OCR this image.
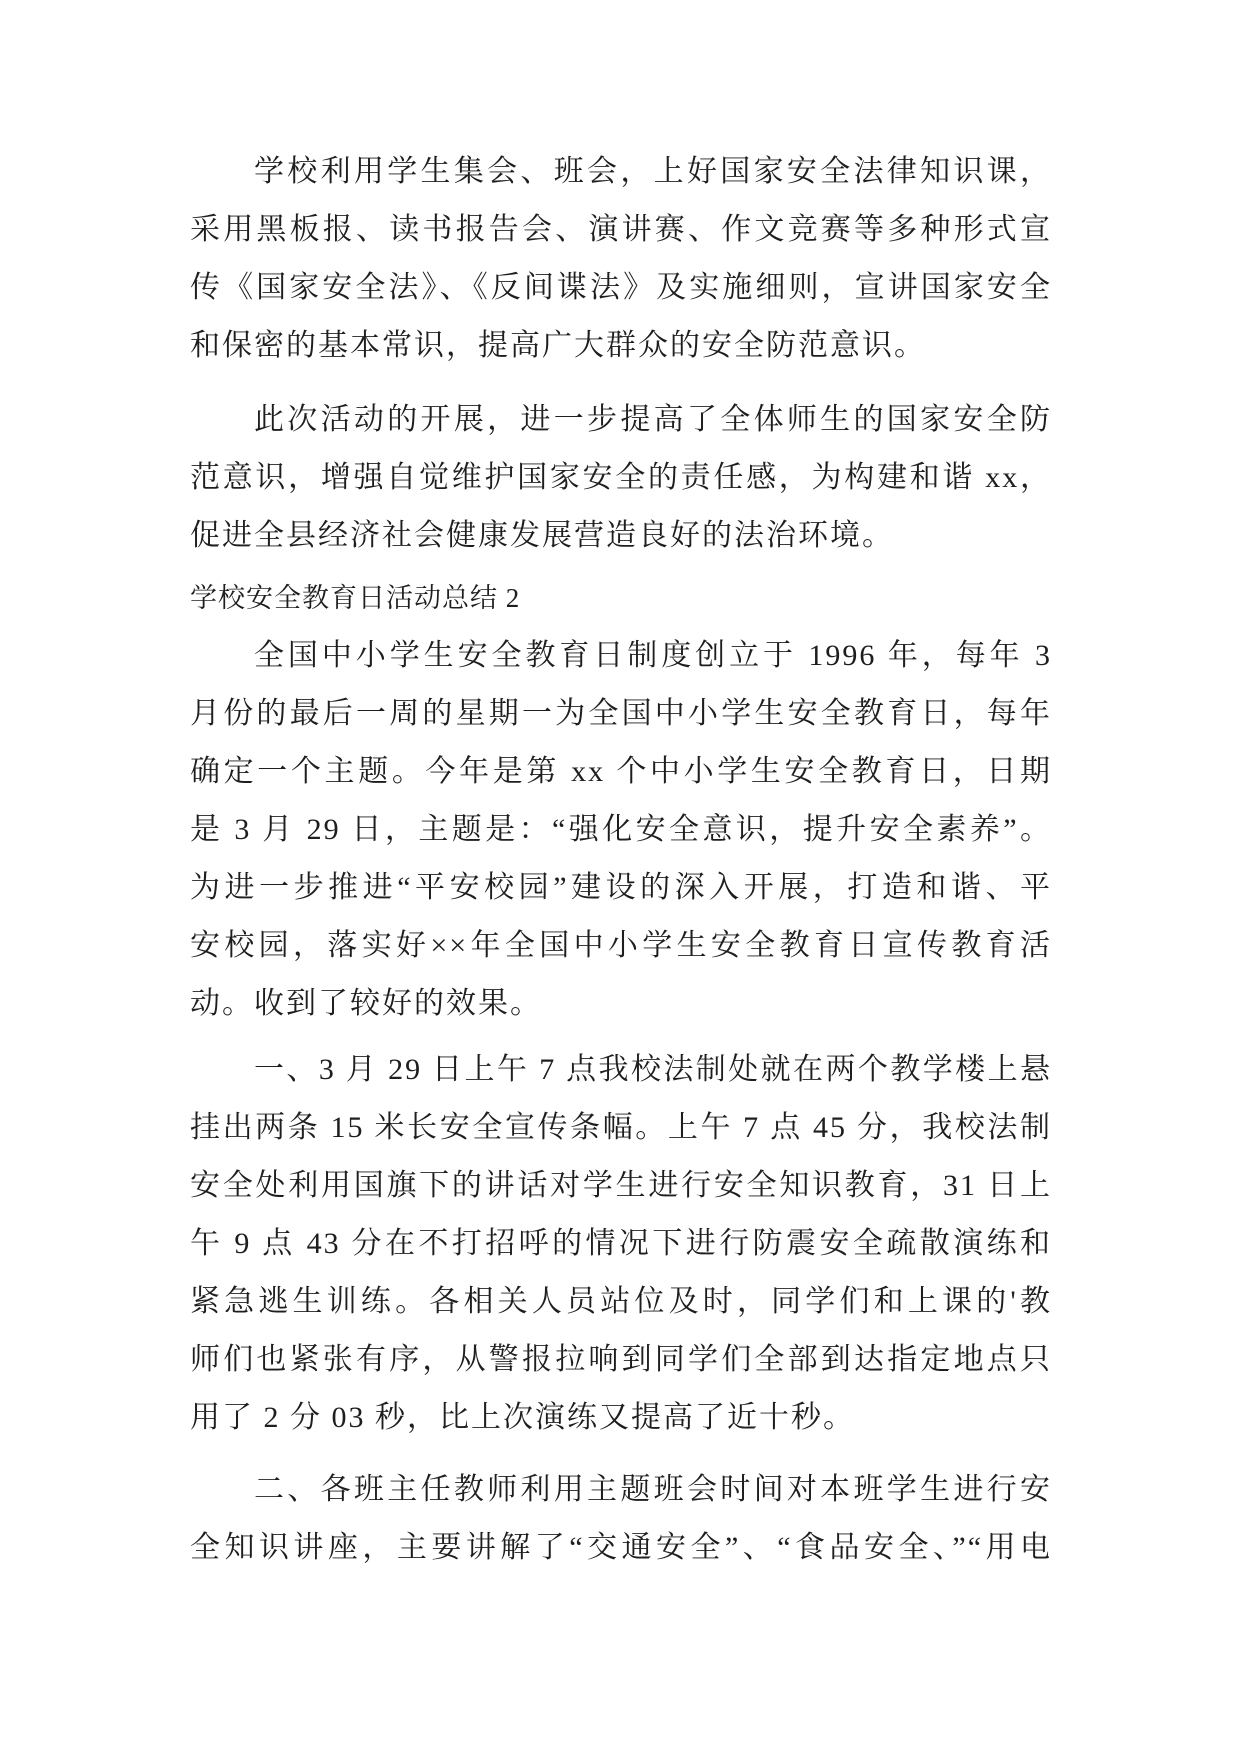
学校利用学生集会、班会，上好国家安全法律知识课，
采用黑板报、读书报告会、演讲赛、作文竞赛等多种形式宣
传《国家安全法》、《反间谍法》及实施细则，宣讲国家安全
和保密的基本常识，提高广大群众的安全防范意识。
此次活动的开展，进一步提高了全体师生的国家安全防
范意识，增强自觉维护国家安全的责任感，为构建和谐 xx，
促进全县经济社会健康发展营造良好的法治环境。
学校安全教育日活动总结 2
全国中小学生安全教育日制度创立于 1996 年，每年 3
月份的最后一周的星期一为全国中小学生安全教育日，每年
确定一个主题。今年是第 xx 个中小学生安全教育日，日期
是 3 月 29 日，主题是：“强化安全意识，提升安全素养”。
为进一步推进“平安校园”建设的深入开展，打造和谐、平
安校园，落实好××年全国中小学生安全教育日宣传教育活
动。收到了较好的效果。
一、3 月 29 日上午 7 点我校法制处就在两个教学楼上悬
挂出两条 15 米长安全宣传条幅。上午 7 点 45 分，我校法制
安全处利用国旗下的讲话对学生进行安全知识教育，31 日上
午 9 点 43 分在不打招呼的情况下进行防震安全疏散演练和
紧急逃生训练。各相关人员站位及时，同学们和上课的'教
师们也紧张有序，从警报拉响到同学们全部到达指定地点只
用了 2 分 03 秒，比上次演练又提高了近十秒。
二、各班主任教师利用主题班会时间对本班学生进行安
全知识讲座，主要讲解了“交通安全”、“食品安全、”“用电
